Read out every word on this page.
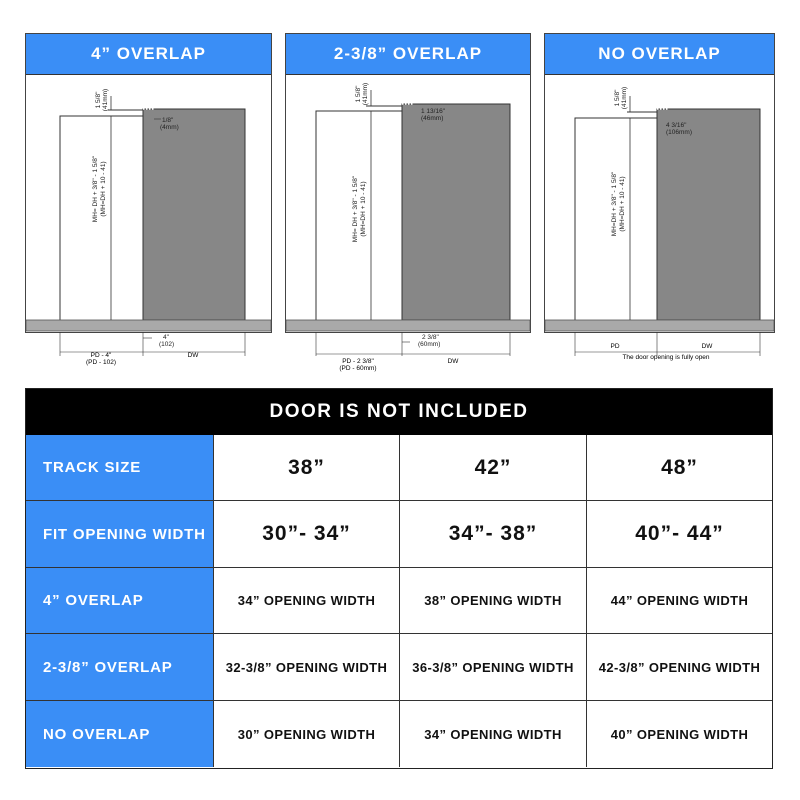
4” OVERLAP
MH= DH + 3/8" - 1 5/8" (MH=DH + 10 - 41)
1 5/8" (41mm)
1/8"
(4mm)
4"
(102)
PD - 4"
(PD - 102)
DW
2-3/8” OVERLAP
MH= DH + 3/8" - 1 5/8" (MH=DH + 10 - 41)
1 5/8" (41mm)
1 13/16"
(46mm)
2 3/8"
(60mm)
PD - 2 3/8"
(PD - 60mm)
DW
NO OVERLAP
MH=DH + 3/8" - 1 5/8" (MH=DH + 10 - 41)
1 5/8" (41mm)
4 3/16"
(106mm)
PD	DW
The door opening is fully open
DOOR IS NOT INCLUDED
TRACK SIZE	38”	42”	48”
FIT OPENING WIDTH	30”- 34”	34”- 38”	40”- 44”
4” OVERLAP	34” OPENING WIDTH	38” OPENING WIDTH	44” OPENING WIDTH
2-3/8” OVERLAP	32-3/8” OPENING WIDTH	36-3/8” OPENING WIDTH	42-3/8” OPENING WIDTH
NO OVERLAP	30” OPENING WIDTH	34” OPENING WIDTH	40” OPENING WIDTH
